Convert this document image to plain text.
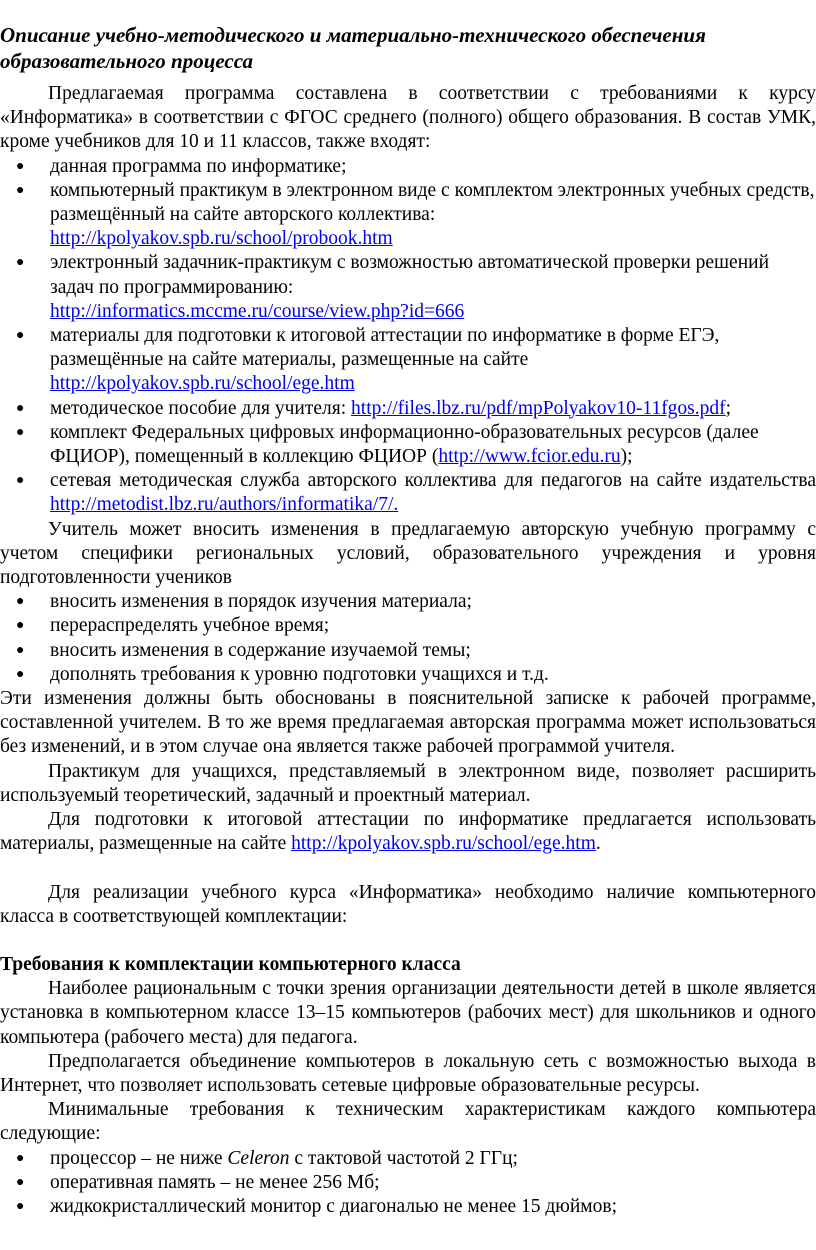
Описание учебно-методического и материально-технического обеспечения образовательного процесса

Предлагаемая программа составлена в соответствии с требованиями к курсу «Информатика» в соответствии с ФГОС среднего (полного) общего образования. В состав УМК, кроме учебников для 10 и 11 классов, также входят:

● данная программа по информатике;
● компьютерный практикум в электронном виде с комплектом электронных учебных средств, размещённый на сайте авторского коллектива:
http://kpolyakov.spb.ru/school/probook.htm
● электронный задачник-практикум с возможностью автоматической проверки решений задач по программированию:
http://informatics.mccme.ru/course/view.php?id=666
● материалы для подготовки к итоговой аттестации по информатике в форме ЕГЭ, размещённые на сайте материалы, размещенные на сайте
http://kpolyakov.spb.ru/school/ege.htm
● методическое пособие для учителя: http://files.lbz.ru/pdf/mpPolyakov10-11fgos.pdf;
● комплект Федеральных цифровых информационно-образовательных ресурсов (далее ФЦИОР), помещенный в коллекцию ФЦИОР (http://www.fcior.edu.ru);
● сетевая методическая служба авторского коллектива для педагогов на сайте издательства http://metodist.lbz.ru/authors/informatika/7/.

Учитель может вносить изменения в предлагаемую авторскую учебную программу с учетом специфики региональных условий, образовательного учреждения и уровня подготовленности учеников

● вносить изменения в порядок изучения материала;
● перераспределять учебное время;
● вносить изменения в содержание изучаемой темы;
● дополнять требования к уровню подготовки учащихся и т.д.

Эти изменения должны быть обоснованы в пояснительной записке к рабочей программе, составленной учителем. В то же время предлагаемая авторская программа может использоваться без изменений, и в этом случае она является также рабочей программой учителя.

Практикум для учащихся, представляемый в электронном виде, позволяет расширить используемый теоретический, задачный и проектный материал.

Для подготовки к итоговой аттестации по информатике предлагается использовать материалы, размещенные на сайте http://kpolyakov.spb.ru/school/ege.htm.

Для реализации учебного курса «Информатика» необходимо наличие компьютерного класса в соответствующей комплектации:

Требования к комплектации компьютерного класса

Наиболее рациональным с точки зрения организации деятельности детей в школе является установка в компьютерном классе 13–15 компьютеров (рабочих мест) для школьников и одного компьютера (рабочего места) для педагога.

Предполагается объединение компьютеров в локальную сеть с возможностью выхода в Интернет, что позволяет использовать сетевые цифровые образовательные ресурсы.

Минимальные требования к техническим характеристикам каждого компьютера следующие:

● процессор – не ниже Celeron с тактовой частотой 2 ГГц;
● оперативная память – не менее 256 Мб;
● жидкокристаллический монитор с диагональю не менее 15 дюймов;
